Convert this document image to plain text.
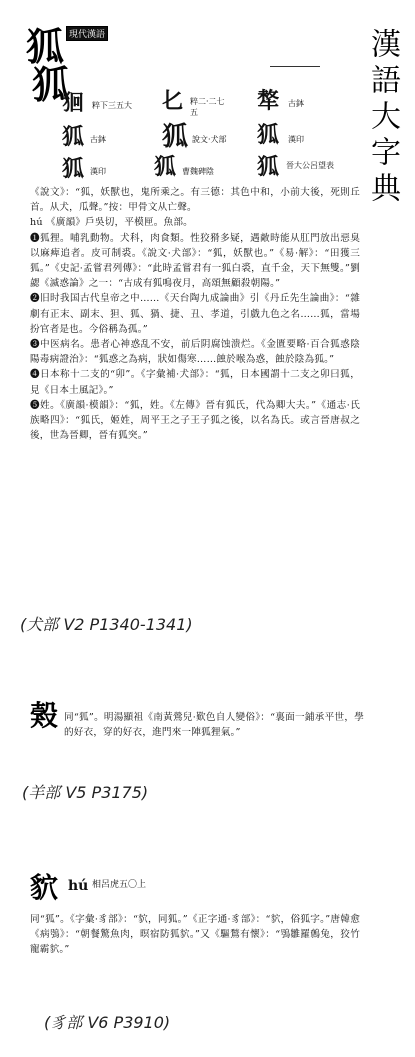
狐 現代漢語
狐	漢語大字典
𤞑 粹下三五大 𠤎 粹二·二七五	㹈 古鉢
狐 古鉢 狐 說文·犬部 狐 漢印
狐 漢印 狐 曹魏碑陰 狐 晉大公呂望表

《說文》：“狐，妖獸也，鬼所乘之。有三德：其色中和，小前大後，死則丘首。从犬，瓜聲。”按：甲骨文从亡聲。

hú 《廣韻》戶吳切，平模匣。魚部。

❶狐狸。哺乳動物。犬科，肉食類。性狡猾多疑，遇敵時能从肛門放出惡臭以麻痺追者。皮可制裘。《說文·犬部》：“狐，妖獸也。”《易·解》：“田獲三狐。”《史記·孟嘗君列傳》：“此時孟嘗君有一狐白裘，直千金，天下無雙。”劉勰《滅惑論》之一：“古成有狐鳴夜月，高頌無顧殺朝陽。”

❷旧时我国古代皇帝之中……《天台陶九成論曲》引《丹丘先生論曲》：“雜劇有正末、副末、狚、狐、猧、捷、丑、孝道，引戲九色之名……狐，當場扮官者是也。今俗稱為孤。”

❸中医病名。患者心神惑乱不安，前后阴腐蚀溃烂。《金匱要略·百合狐惑陰陽毒病證治》：“狐惑之為病，狀如傷寒……蝕於喉為惑，蝕於陰為狐。”

❹日本称十二支的“卯”。《字彙補·犬部》：“狐，日本國謂十二支之卯曰狐，見《日本土風記》。”

❺姓。《廣韻·模韻》：“狐，姓。《左傳》晉有狐氏，代為卿大夫。”《通志·氏族略四》：“狐氏，姬姓，周平王之子王子狐之後，以名為氏。或言晉唐叔之後，世為晉卿，晉有狐突。”

(犬部 V2 P1340-1341)
㺉 同“狐”。明湯顯祖《南黃鶯兒·歎色自人變俗》：“裏面一鋪承平世，學的好衣，穿的好衣，進門來一陣狐狸氣。”
(羊部 V5 P3175)
貁 hú 相呂虎五〇上
同“狐”。《字彙·豸部》：“貁，同狐。”《正字通·豸部》：“貁，俗狐字。”唐韓愈《病鴞》：“朝餐驚魚肉，暝宿防狐貁。”又《驅鶖有懷》：“鴞雛羅鷯兔，狡竹寵霸貁。”
(豸部 V6 P3910)
